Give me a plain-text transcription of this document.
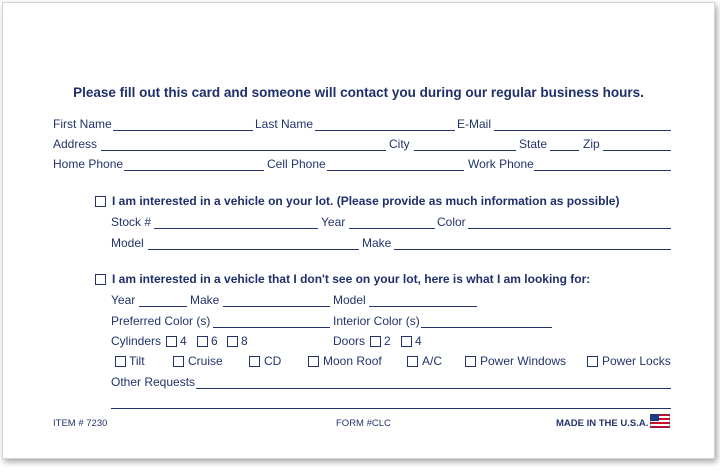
Please fill out this card and someone will contact you during our regular business hours.
First Name	Last Name	E-Mail
Address	City	State	Zip
Home Phone	Cell Phone	Work Phone
I am interested in a vehicle on your lot. (Please provide as much information as possible)
Stock #	Year	Color
Model	Make
I am interested in a vehicle that I don't see on your lot, here is what I am looking for:
Year	Make	Model
Preferred Color (s)	Interior Color (s)
Cylinders 4 6 8	Doors 2 4
Tilt	Cruise	CD	Moon Roof	A/C	Power Windows	Power Locks
Other Requests
ITEM # 7230	FORM #CLC	MADE IN THE U.S.A.
